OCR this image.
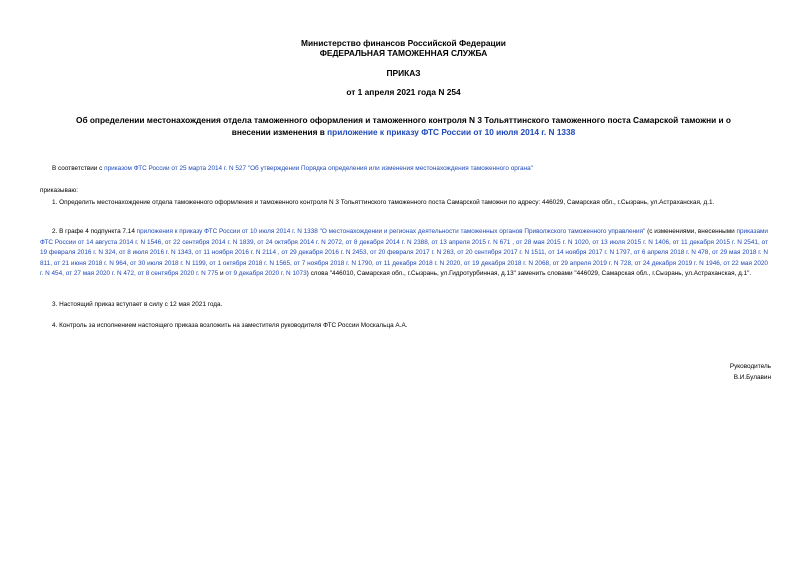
Министерство финансов Российской Федерации
ФЕДЕРАЛЬНАЯ ТАМОЖЕННАЯ СЛУЖБА
ПРИКАЗ
от 1 апреля 2021 года N 254
Об определении местонахождения отдела таможенного оформления и таможенного контроля N 3 Тольяттинского таможенного поста Самарской таможни и о
внесении изменения в приложение к приказу ФТС России от 10 июля 2014 г. N 1338
В соответствии с приказом ФТС России от 25 марта 2014 г. N 527 "Об утверждении Порядка определения или изменения местонахождения таможенного органа"
приказываю:
1. Определить местонахождение отдела таможенного оформления и таможенного контроля N 3 Тольяттинского таможенного поста Самарской таможни по адресу: 446029, Самарская обл., г.Сызрань, ул.Астраханская, д.1.
2. В графе 4 подпункта 7.14 приложения к приказу ФТС России от 10 июля 2014 г. N 1338 "О местонахождении и регионах деятельности таможенных органов Приволжского таможенного управления" (с изменениями, внесенными приказами ФТС России от 14 августа 2014 г. N 1546, от 22 сентября 2014 г. N 1839, от 24 октября 2014 г. N 2072, от 8 декабря 2014 г. N 2388, от 13 апреля 2015 г. N 671 , от 28 мая 2015 г. N 1020, от 13 июля 2015 г. N 1406, от 11 декабря 2015 г. N 2541, от 19 февраля 2016 г. N 324, от 8 июля 2016 г. N 1343, от 11 ноября 2016 г. N 2114 , от 29 декабря 2016 г. N 2453, от 20 февраля 2017 г. N 263, от 20 сентября 2017 г. N 1511, от 14 ноября 2017 г. N 1797, от 6 апреля 2018 г. N 478, от 29 мая 2018 г. N 811, от 21 июня 2018 г. N 964, от 30 июля 2018 г. N 1199, от 1 октября 2018 г. N 1565, от 7 ноября 2018 г. N 1790, от 11 декабря 2018 г. N 2020, от 19 декабря 2018 г. N 2068, от 29 апреля 2019 г. N 728, от 24 декабря 2019 г. N 1946, от 22 мая 2020 г. N 454, от 27 мая 2020 г. N 472, от 8 сентября 2020 г. N 775 и от 9 декабря 2020 г. N 1073) слова "446010, Самарская обл., г.Сызрань, ул.Гидротурбинная, д.13" заменить словами "446029, Самарская обл., г.Сызрань, ул.Астраханская, д.1".
3. Настоящий приказ вступает в силу с 12 мая 2021 года.
4. Контроль за исполнением настоящего приказа возложить на заместителя руководителя ФТС России Москальца А.А.
Руководитель
В.И.Булавин
